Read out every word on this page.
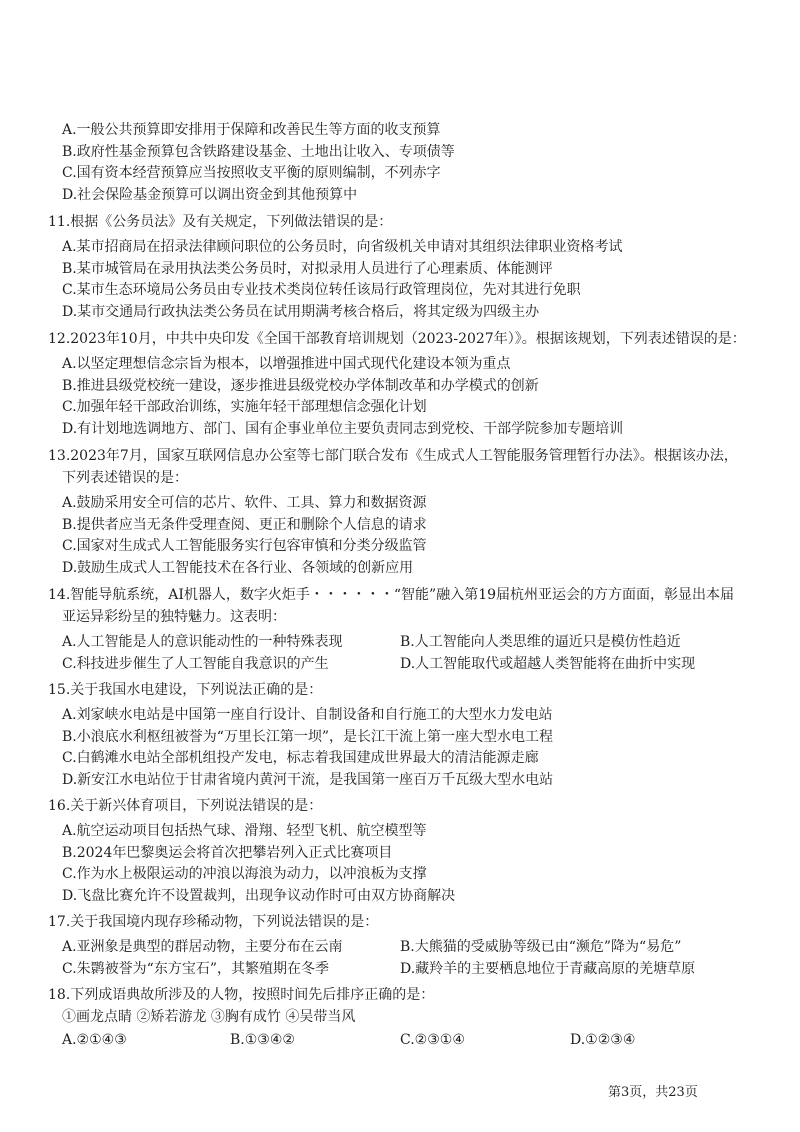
A.一般公共预算即安排用于保障和改善民生等方面的收支预算
B.政府性基金预算包含铁路建设基金、土地出让收入、专项债等
C.国有资本经营预算应当按照收支平衡的原则编制，不列赤字
D.社会保险基金预算可以调出资金到其他预算中
11.根据《公务员法》及有关规定，下列做法错误的是：
A.某市招商局在招录法律顾问职位的公务员时，向省级机关申请对其组织法律职业资格考试
B.某市城管局在录用执法类公务员时，对拟录用人员进行了心理素质、体能测评
C.某市生态环境局公务员由专业技术类岗位转任该局行政管理岗位，先对其进行免职
D.某市交通局行政执法类公务员在试用期满考核合格后，将其定级为四级主办
12.2023年10月，中共中央印发《全国干部教育培训规划（2023-2027年）》。根据该规划，下列表述错误的是：
A.以坚定理想信念宗旨为根本，以增强推进中国式现代化建设本领为重点
B.推进县级党校统一建设，逐步推进县级党校办学体制改革和办学模式的创新
C.加强年轻干部政治训练，实施年轻干部理想信念强化计划
D.有计划地选调地方、部门、国有企事业单位主要负责同志到党校、干部学院参加专题培训
13.2023年7月，国家互联网信息办公室等七部门联合发布《生成式人工智能服务管理暂行办法》。根据该办法，
下列表述错误的是：
A.鼓励采用安全可信的芯片、软件、工具、算力和数据资源
B.提供者应当无条件受理查阅、更正和删除个人信息的请求
C.国家对生成式人工智能服务实行包容审慎和分类分级监管
D.鼓励生成式人工智能技术在各行业、各领域的创新应用
14.智能导航系统，AI机器人，数字火炬手・・・・・・“智能”融入第19届杭州亚运会的方方面面，彰显出本届
亚运异彩纷呈的独特魅力。这表明：
A.人工智能是人的意识能动性的一种特殊表现	B.人工智能向人类思维的逼近只是模仿性趋近
C.科技进步催生了人工智能自我意识的产生	D.人工智能取代或超越人类智能将在曲折中实现
15.关于我国水电建设，下列说法正确的是：
A.刘家峡水电站是中国第一座自行设计、自制设备和自行施工的大型水力发电站
B.小浪底水利枢纽被誉为“万里长江第一坝”，是长江干流上第一座大型水电工程
C.白鹤滩水电站全部机组投产发电，标志着我国建成世界最大的清洁能源走廊
D.新安江水电站位于甘肃省境内黄河干流，是我国第一座百万千瓦级大型水电站
16.关于新兴体育项目，下列说法错误的是：
A.航空运动项目包括热气球、滑翔、轻型飞机、航空模型等
B.2024年巴黎奥运会将首次把攀岩列入正式比赛项目
C.作为水上极限运动的冲浪以海浪为动力，以冲浪板为支撑
D.飞盘比赛允许不设置裁判，出现争议动作时可由双方协商解决
17.关于我国境内现存珍稀动物，下列说法错误的是：
A.亚洲象是典型的群居动物，主要分布在云南	B.大熊猫的受威胁等级已由“濒危”降为“易危”
C.朱鹮被誉为“东方宝石”，其繁殖期在冬季	D.藏羚羊的主要栖息地位于青藏高原的羌塘草原
18.下列成语典故所涉及的人物，按照时间先后排序正确的是：
①画龙点睛 ②矫若游龙 ③胸有成竹 ④吴带当风
A.②①④③	B.①③④②	C.②③①④	D.①②③④
第3页，共23页
